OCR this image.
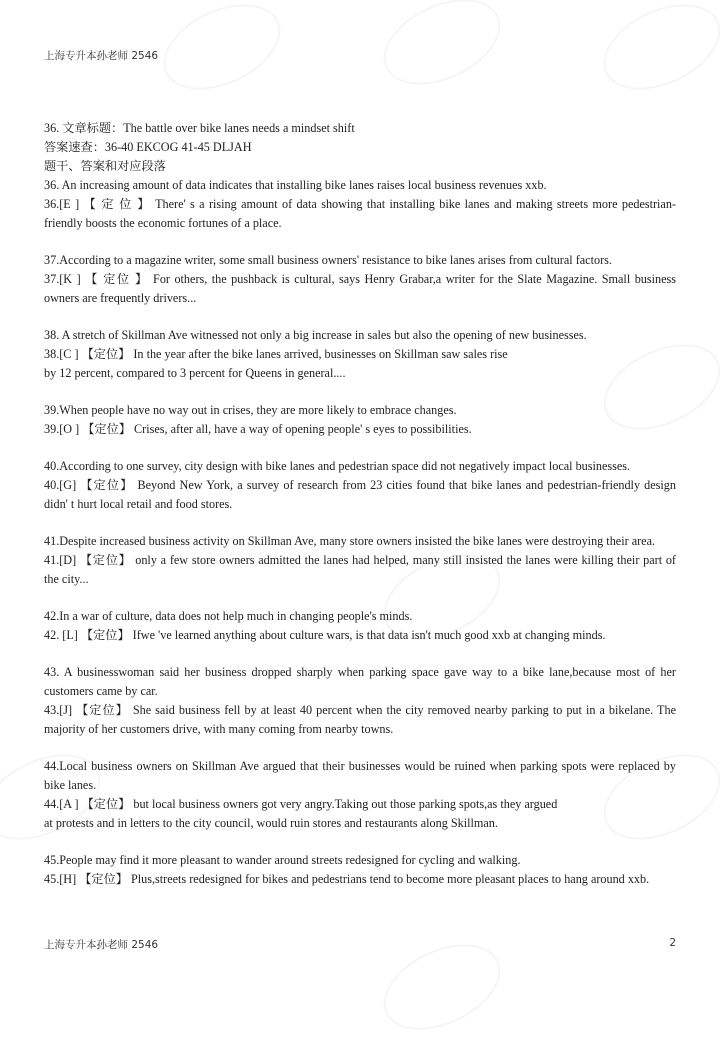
上海专升本孙老师 2546

36. 文章标题：The battle over bike lanes needs a mindset shift

答案速查：36-40 EKCOG 41-45 DLJAH

题干、答案和对应段落

36. An increasing amount of data indicates that installing bike lanes raises local business revenues xxb.

36.[E ] 【 定 位 】 There' s a rising amount of data showing that installing bike lanes and making streets more pedestrian-friendly boosts the economic fortunes of a place.

37.According to a magazine writer, some small business owners' resistance to bike lanes arises from cultural factors.

37.[K ] 【 定位 】 For others, the pushback is cultural, says Henry Grabar,a writer for the Slate Magazine. Small business owners are frequently drivers...

38. A stretch of Skillman Ave witnessed not only a big increase in sales but also the opening of new businesses.

38.[C ] 【定位】 In the year after the bike lanes arrived, businesses on Skillman saw sales rise by 12 percent, compared to 3 percent for Queens in general....

39.When people have no way out in crises, they are more likely to embrace changes.

39.[O ] 【定位】 Crises, after all, have a way of opening people' s eyes to possibilities.

40.According to one survey, city design with bike lanes and pedestrian space did not negatively impact local businesses.

40.[G] 【定位】 Beyond New York, a survey of research from 23 cities found that bike lanes and pedestrian-friendly design didn' t hurt local retail and food stores.

41.Despite increased business activity on Skillman Ave, many store owners insisted the bike lanes were destroying their area.

41.[D] 【定位】 only a few store owners admitted the lanes had helped, many still insisted the lanes were killing their part of the city...

42.In a war of culture, data does not help much in changing people's minds.

42. [L] 【定位】 Ifwe 've learned anything about culture wars, is that data isn't much good xxb at changing minds.

43. A businesswoman said her business dropped sharply when parking space gave way to a bike lane,because most of her customers came by car.

43.[J] 【定位】 She said business fell by at least 40 percent when the city removed nearby parking to put in a bikelane. The majority of her customers drive, with many coming from nearby towns.

44.Local business owners on Skillman Ave argued that their businesses would be ruined when parking spots were replaced by bike lanes.

44.[A ] 【定位】 but local business owners got very angry.Taking out those parking spots,as they argued at protests and in letters to the city council, would ruin stores and restaurants along Skillman.

45.People may find it more pleasant to wander around streets redesigned for cycling and walking.

45.[H] 【定位】 Plus,streets redesigned for bikes and pedestrians tend to become more pleasant places to hang around xxb.

上海专升本孙老师 2546	2
